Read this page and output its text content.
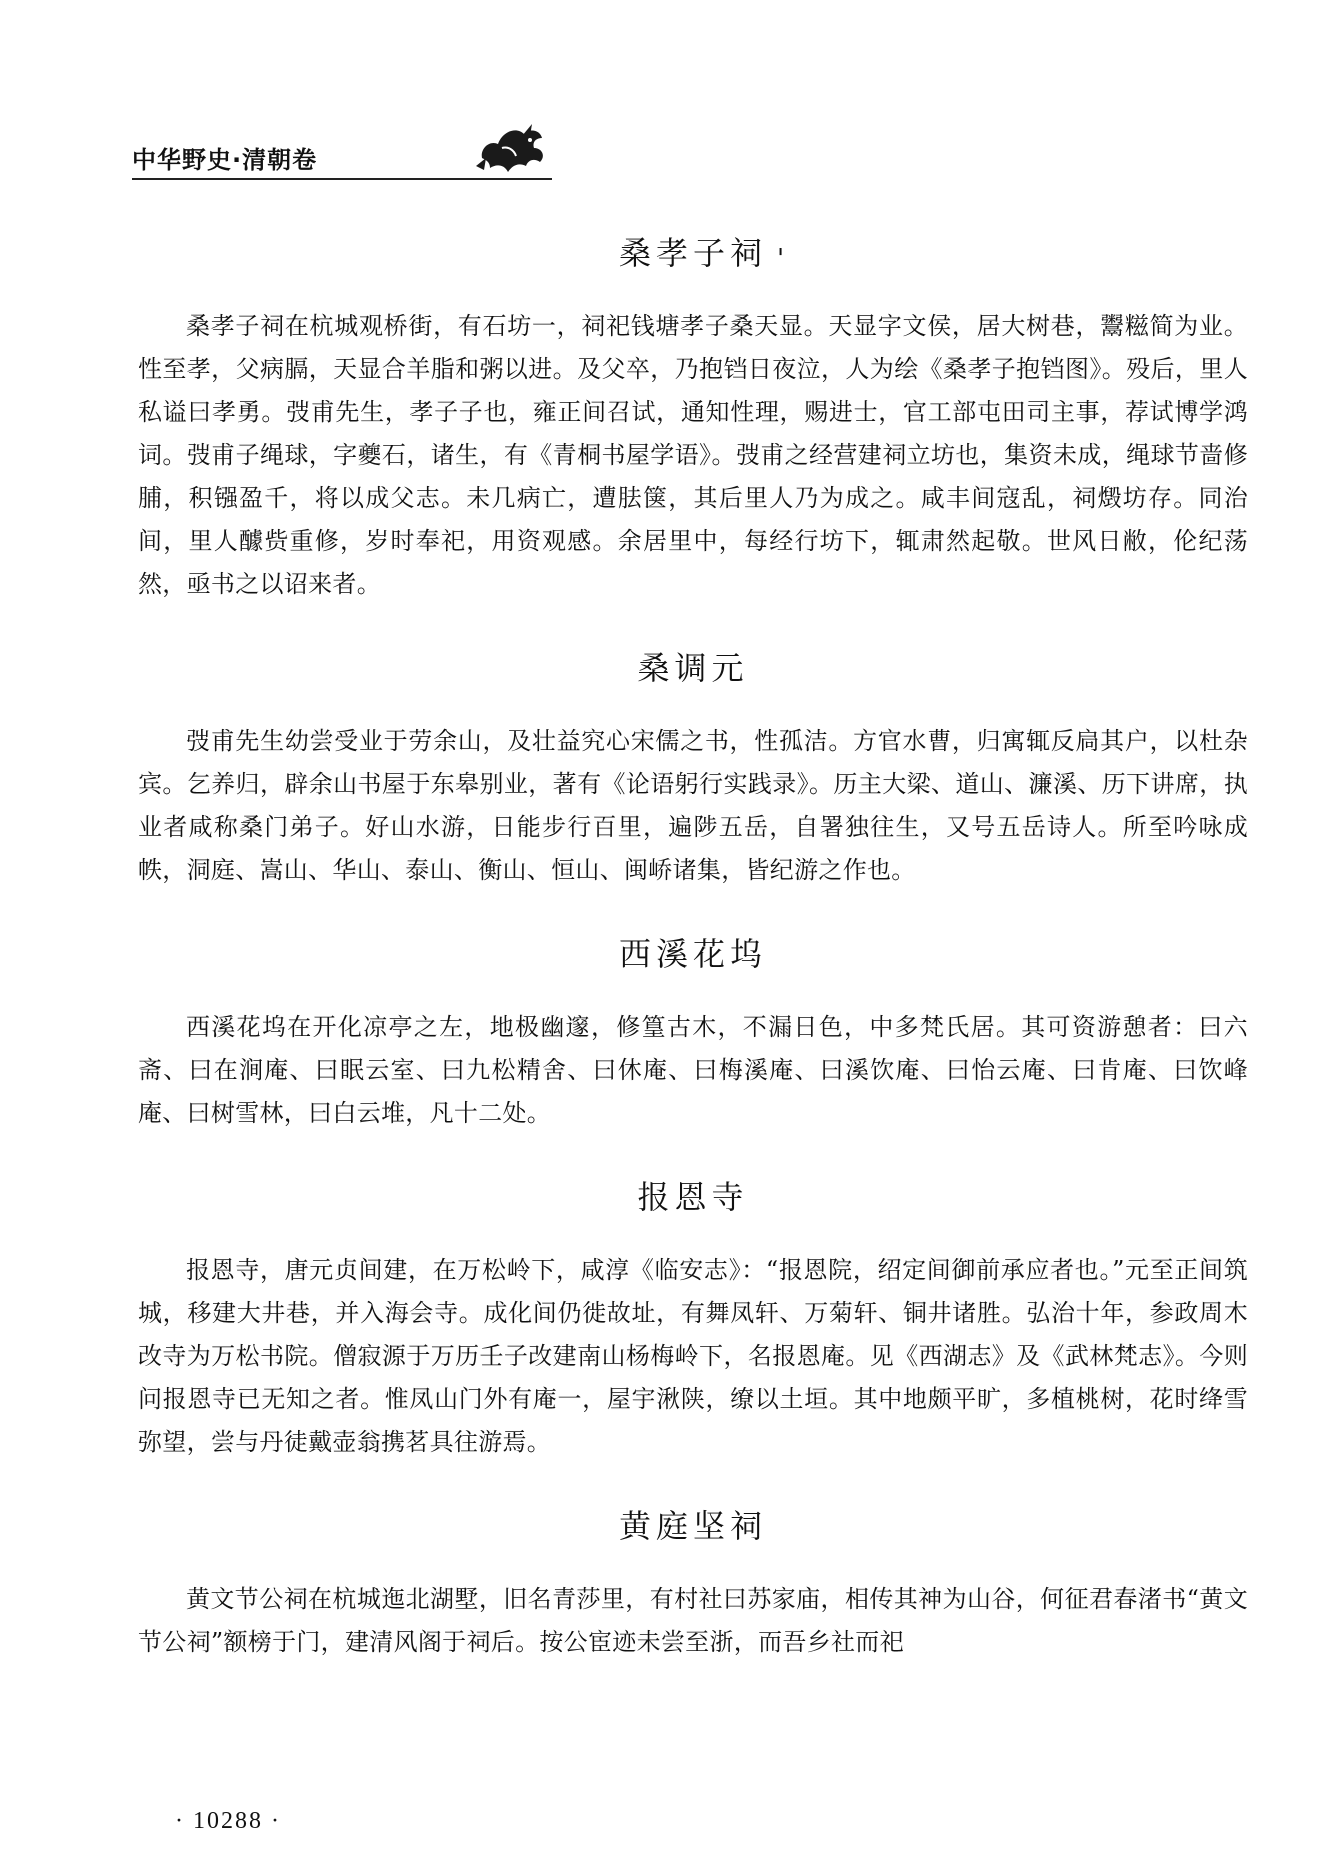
中华野史·清朝卷
'
桑孝子祠

桑孝子祠在杭城观桥街，有石坊一，祠祀钱塘孝子桑天显。天显字文侯，居大树巷，鬻糍简为业。性至孝，父病膈，天显合羊脂和粥以进。及父卒，乃抱铛日夜泣，人为绘《桑孝子抱铛图》。殁后，里人私谥曰孝勇。弢甫先生，孝子子也，雍正间召试，通知性理，赐进士，官工部屯田司主事，荐试博学鸿词。弢甫子绳球，字夔石，诸生，有《青桐书屋学语》。弢甫之经营建祠立坊也，集资未成，绳球节啬修脯，积镪盈千，将以成父志。未几病亡，遭胠箧，其后里人乃为成之。咸丰间寇乱，祠燬坊存。同治间，里人醵赀重修，岁时奉祀，用资观感。余居里中，每经行坊下，辄肃然起敬。世风日敝，伦纪荡然，亟书之以诏来者。

桑调元

弢甫先生幼尝受业于劳余山，及壮益究心宋儒之书，性孤洁。方官水曹，归寓辄反扃其户，以杜杂宾。乞养归，辟余山书屋于东皋别业，著有《论语躬行实践录》。历主大梁、道山、濂溪、历下讲席，执业者咸称桑门弟子。好山水游，日能步行百里，遍陟五岳，自署独往生，又号五岳诗人。所至吟咏成帙，洞庭、嵩山、华山、泰山、衡山、恒山、闽峤诸集，皆纪游之作也。

西溪花坞

西溪花坞在开化凉亭之左，地极幽邃，修篁古木，不漏日色，中多梵氏居。其可资游憩者：曰六斋、曰在涧庵、曰眠云室、曰九松精舍、曰休庵、曰梅溪庵、曰溪饮庵、曰怡云庵、曰肯庵、曰饮峰庵、曰树雪林，曰白云堆，凡十二处。

报恩寺

报恩寺，唐元贞间建，在万松岭下，咸淳《临安志》：“报恩院，绍定间御前承应者也。”元至正间筑城，移建大井巷，并入海会寺。成化间仍徙故址，有舞凤轩、万菊轩、铜井诸胜。弘治十年，参政周木改寺为万松书院。僧寂源于万历壬子改建南山杨梅岭下，名报恩庵。见《西湖志》及《武林梵志》。今则问报恩寺已无知之者。惟凤山门外有庵一，屋宇湫陕，缭以土垣。其中地颇平旷，多植桃树，花时绛雪弥望，尝与丹徒戴壶翁携茗具往游焉。

黄庭坚祠

黄文节公祠在杭城迤北湖墅，旧名青莎里，有村社曰苏家庙，相传其神为山谷，何征君春渚书“黄文节公祠”额榜于门，建清风阁于祠后。按公宦迹未尝至浙，而吾乡社而祀

· 10288 ·
